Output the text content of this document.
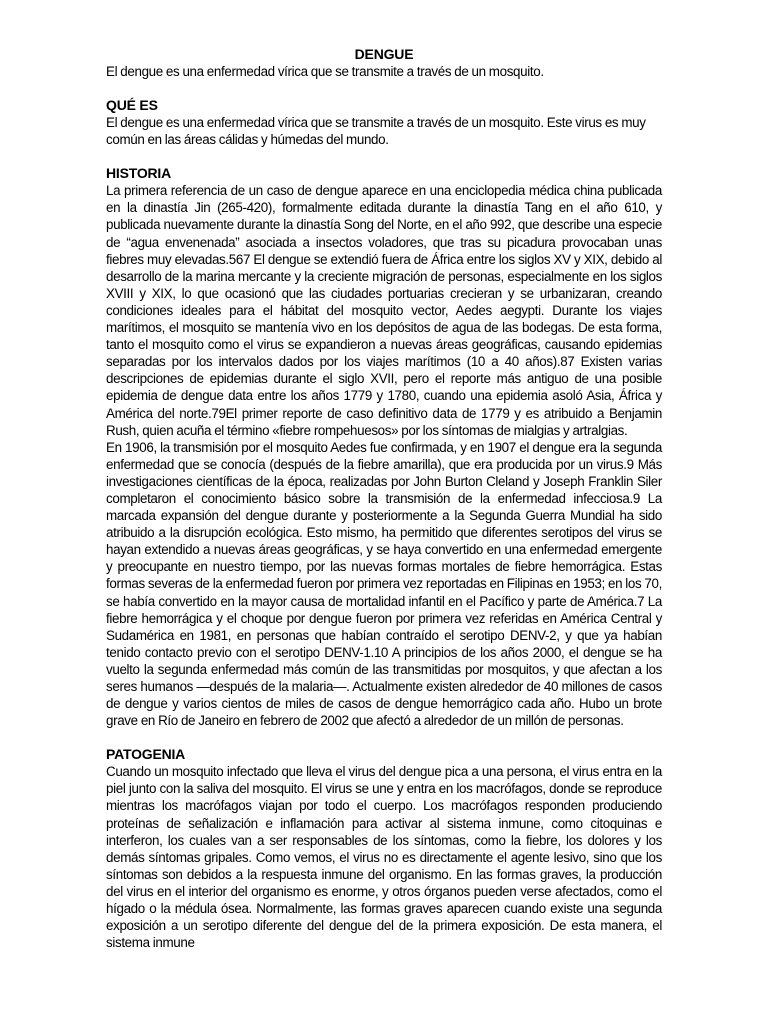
DENGUE

El dengue es una enfermedad vírica que se transmite a través de un mosquito.

QUÉ ES

El dengue es una enfermedad vírica que se transmite a través de un mosquito. Este virus es muy común en las áreas cálidas y húmedas del mundo.

HISTORIA

La primera referencia de un caso de dengue aparece en una enciclopedia médica china publicada en la dinastía Jin (265-420), formalmente editada durante la dinastía Tang en el año 610, y publicada nuevamente durante la dinastía Song del Norte, en el año 992, que describe una especie de “agua envenenada” asociada a insectos voladores, que tras su picadura provocaban unas fiebres muy elevadas.567 El dengue se extendió fuera de África entre los siglos XV y XIX, debido al desarrollo de la marina mercante y la creciente migración de personas, especialmente en los siglos XVIII y XIX, lo que ocasionó que las ciudades portuarias crecieran y se urbanizaran, creando condiciones ideales para el hábitat del mosquito vector, Aedes aegypti. Durante los viajes marítimos, el mosquito se mantenía vivo en los depósitos de agua de las bodegas. De esta forma, tanto el mosquito como el virus se expandieron a nuevas áreas geográficas, causando epidemias separadas por los intervalos dados por los viajes marítimos (10 a 40 años).87 Existen varias descripciones de epidemias durante el siglo XVII, pero el reporte más antiguo de una posible epidemia de dengue data entre los años 1779 y 1780, cuando una epidemia asoló Asia, África y América del norte.79El primer reporte de caso definitivo data de 1779 y es atribuido a Benjamin Rush, quien acuña el término «fiebre rompehuesos» por los síntomas de mialgias y artralgias.

En 1906, la transmisión por el mosquito Aedes fue confirmada, y en 1907 el dengue era la segunda enfermedad que se conocía (después de la fiebre amarilla), que era producida por un virus.9 Más investigaciones científicas de la época, realizadas por John Burton Cleland y Joseph Franklin Siler completaron el conocimiento básico sobre la transmisión de la enfermedad infecciosa.9 La marcada expansión del dengue durante y posteriormente a la Segunda Guerra Mundial ha sido atribuido a la disrupción ecológica. Esto mismo, ha permitido que diferentes serotipos del virus se hayan extendido a nuevas áreas geográficas, y se haya convertido en una enfermedad emergente y preocupante en nuestro tiempo, por las nuevas formas mortales de fiebre hemorrágica. Estas formas severas de la enfermedad fueron por primera vez reportadas en Filipinas en 1953; en los 70, se había convertido en la mayor causa de mortalidad infantil en el Pacífico y parte de América.7 La fiebre hemorrágica y el choque por dengue fueron por primera vez referidas en América Central y Sudamérica en 1981, en personas que habían contraído el serotipo DENV-2, y que ya habían tenido contacto previo con el serotipo DENV-1.10 A principios de los años 2000, el dengue se ha vuelto la segunda enfermedad más común de las transmitidas por mosquitos, y que afectan a los seres humanos —después de la malaria—. Actualmente existen alrededor de 40 millones de casos de dengue y varios cientos de miles de casos de dengue hemorrágico cada año. Hubo un brote grave en Río de Janeiro en febrero de 2002 que afectó a alrededor de un millón de personas.

PATOGENIA

Cuando un mosquito infectado que lleva el virus del dengue pica a una persona, el virus entra en la piel junto con la saliva del mosquito. El virus se une y entra en los macrófagos, donde se reproduce mientras los macrófagos viajan por todo el cuerpo. Los macrófagos responden produciendo proteínas de señalización e inflamación para activar al sistema inmune, como citoquinas e interferon, los cuales van a ser responsables de los síntomas, como la fiebre, los dolores y los demás síntomas gripales. Como vemos, el virus no es directamente el agente lesivo, sino que los síntomas son debidos a la respuesta inmune del organismo. En las formas graves, la producción del virus en el interior del organismo es enorme, y otros órganos pueden verse afectados, como el hígado o la médula ósea. Normalmente, las formas graves aparecen cuando existe una segunda exposición a un serotipo diferente del dengue del de la primera exposición. De esta manera, el sistema inmune
